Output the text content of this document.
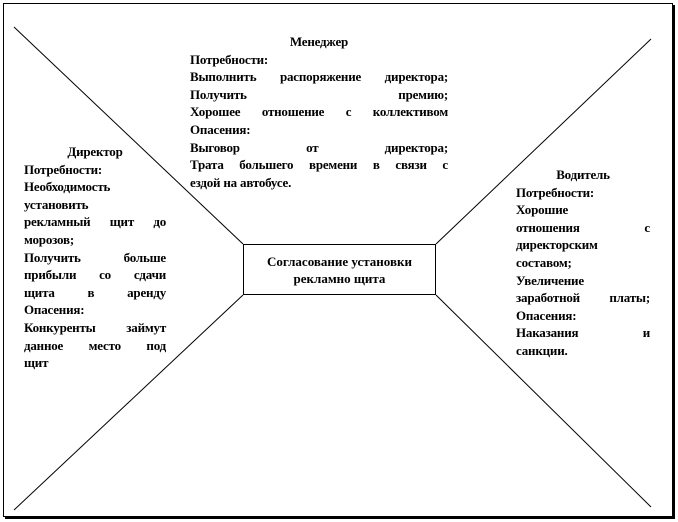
Менеджер
Потребности:
Выполнить распоряжение директора;
Получить премию;
Хорошее отношение с коллективом
Опасения:
Выговор от директора;
Трата большего времени в связи с
ездой на автобусе.
Директор
Потребности:
Необходимость
установить
рекламный щит до
морозов;
Получить больше
прибыли со сдачи
щита в аренду
Опасения:
Конкуренты займут
данное место под
щит
Водитель
Потребности:
Хорошие
отношения с
директорским
составом;
Увеличение
заработной платы;
Опасения:
Наказания и
санкции.
Согласование установки рекламно щита
